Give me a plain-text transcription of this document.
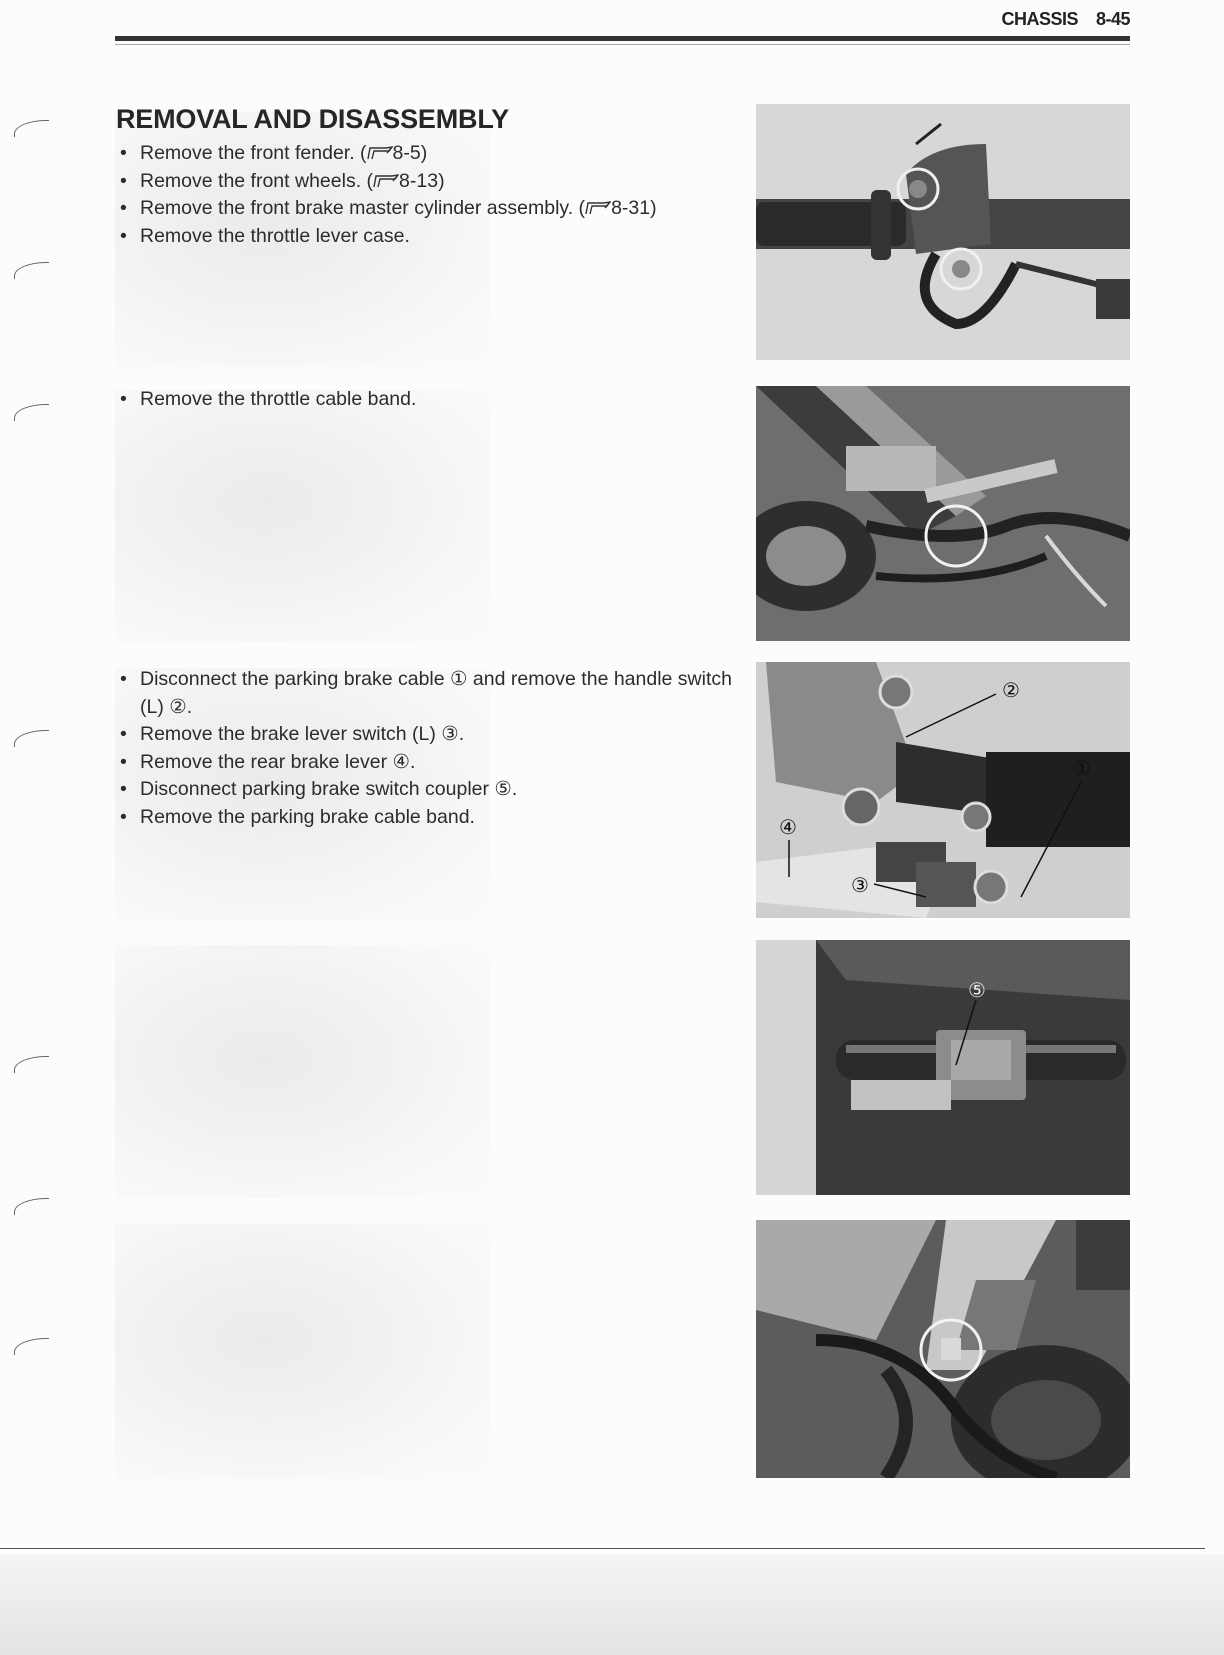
CHASSIS 8-45
REMOVAL AND DISASSEMBLY
• Remove the front fender. ( 8-5)
• Remove the front wheels. ( 8-13)
• Remove the front brake master cylinder assembly. ( 8-31)
• Remove the throttle lever case.
• Remove the throttle cable band.
• Disconnect the parking brake cable ① and remove the handle switch (L) ②.
• Remove the brake lever switch (L) ③.
• Remove the rear brake lever ④.
• Disconnect parking brake switch coupler ⑤.
• Remove the parking brake cable band.
②
①
④
③
⑤
